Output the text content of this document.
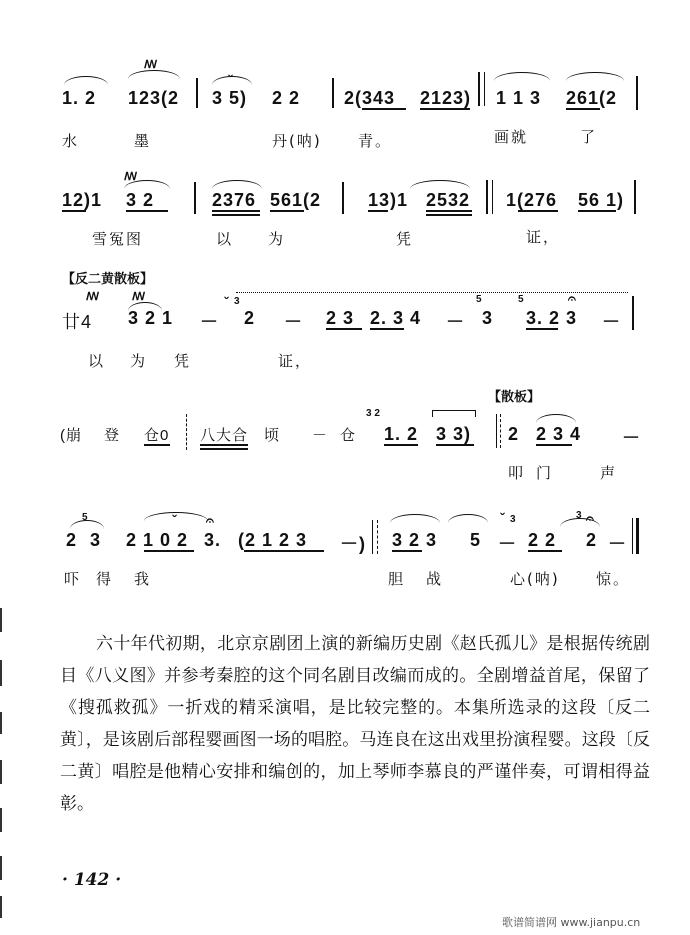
ꟿ
1. 2 123(2
ˇ
3 5) 2 2 2(343 2123) 1 1 3 261(2
水	墨	丹(呐) 青。	画就	了
ꟿ
12)1 3 2	2376 561(2	13)1 2532 1(276 56 1)
雪冤图	以 为	凭	证，
【反二黄散板】
ꟿ	ꟿ
廿4 3 2 1 －
ˇ 3
2 － 2 3 2. 3 4 －
5
3
5
3. 2
𝄐
3 －
以 为 凭	证，
【散板】
(崩 登 仓0 八大合 顷 － 仓
3 2
1. 2 3 3) 2 2 3 4 －
叩 门	声
5
2 3
ˇ 𝄐
2 1 0 2 3. (2 1 2 3 －) 3 2 3 5
3
ˇ
－ 2 2
3 𝄐
2 －
吓 得 我	胆 战	心(呐) 惊。
六十年代初期，北京京剧团上演的新编历史剧《赵氏孤儿》是根据传统剧目《八义图》并参考秦腔的这个同名剧目改编而成的。全剧增益首尾，保留了《搜孤救孤》一折戏的精采演唱，是比较完整的。本集所选录的这段〔反二黄〕，是该剧后部程婴画图一场的唱腔。马连良在这出戏里扮演程婴。这段〔反二黄〕唱腔是他精心安排和编创的，加上琴师李慕良的严谨伴奏，可谓相得益彰。
· 142 ·
歌谱简谱网 www.jianpu.cn
